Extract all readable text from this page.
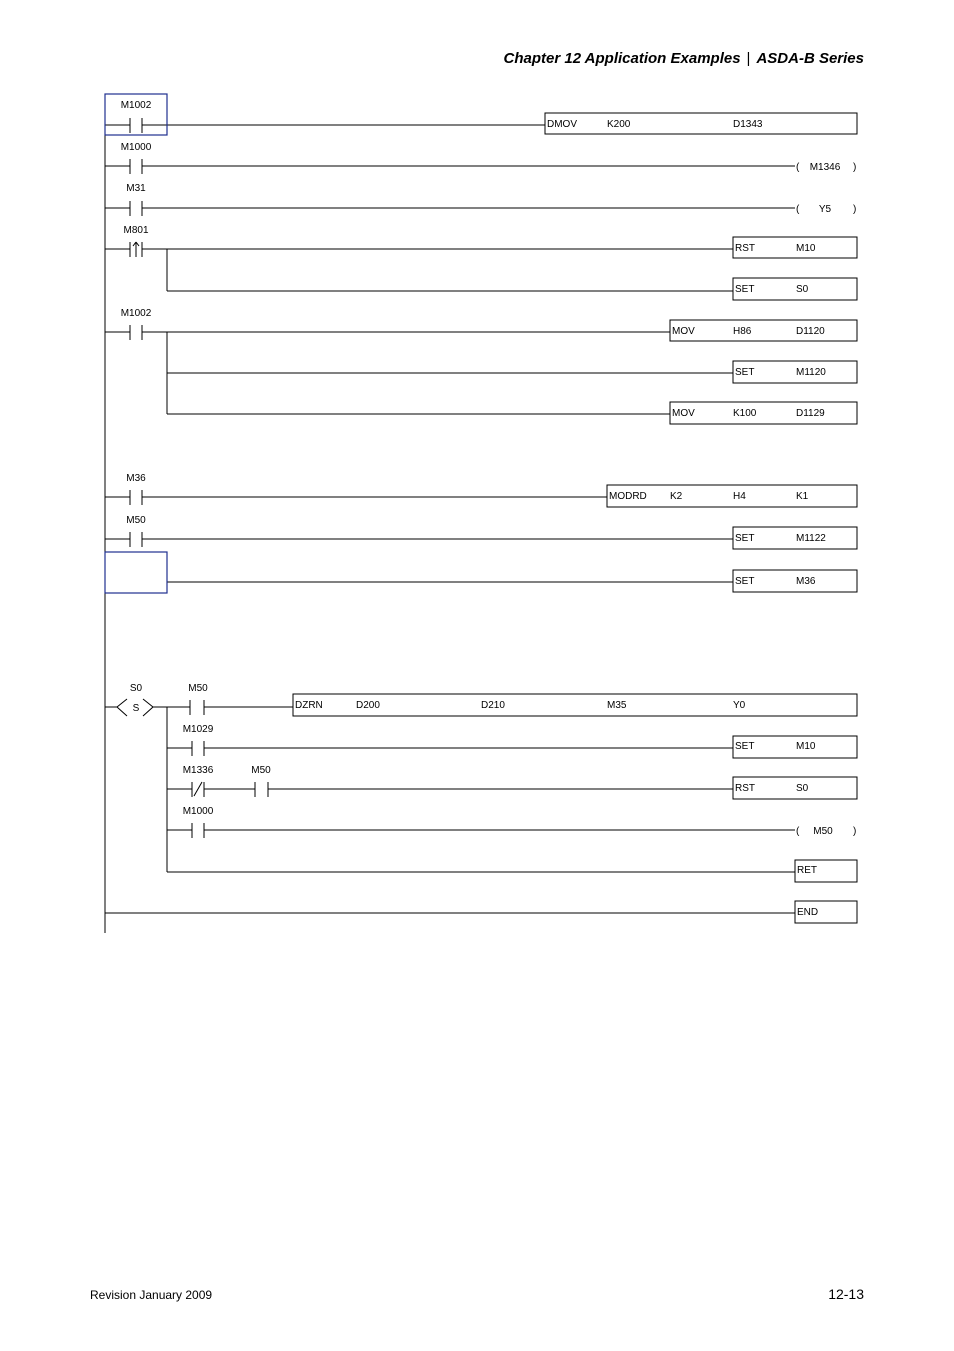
Chapter 12 Application Examples | ASDA-B Series
M1002
M1000
M31
M801
M1002
M36
M50
S0
S
M50
M1029
M1336	M50
M1000
DMOV	K200	D1343
RST	M10
SET	S0
MOV	H86	D1120
SET	M1120
MOV	K100	D1129
MODRD K2	H4	K1
SET	M1122
SET	M36
DZRN	D200	D210	M35	Y0
SET	M10
RST	S0
RET
END
( M1346 )
( Y5 )
( M50 )
Revision January 2009	12-13
